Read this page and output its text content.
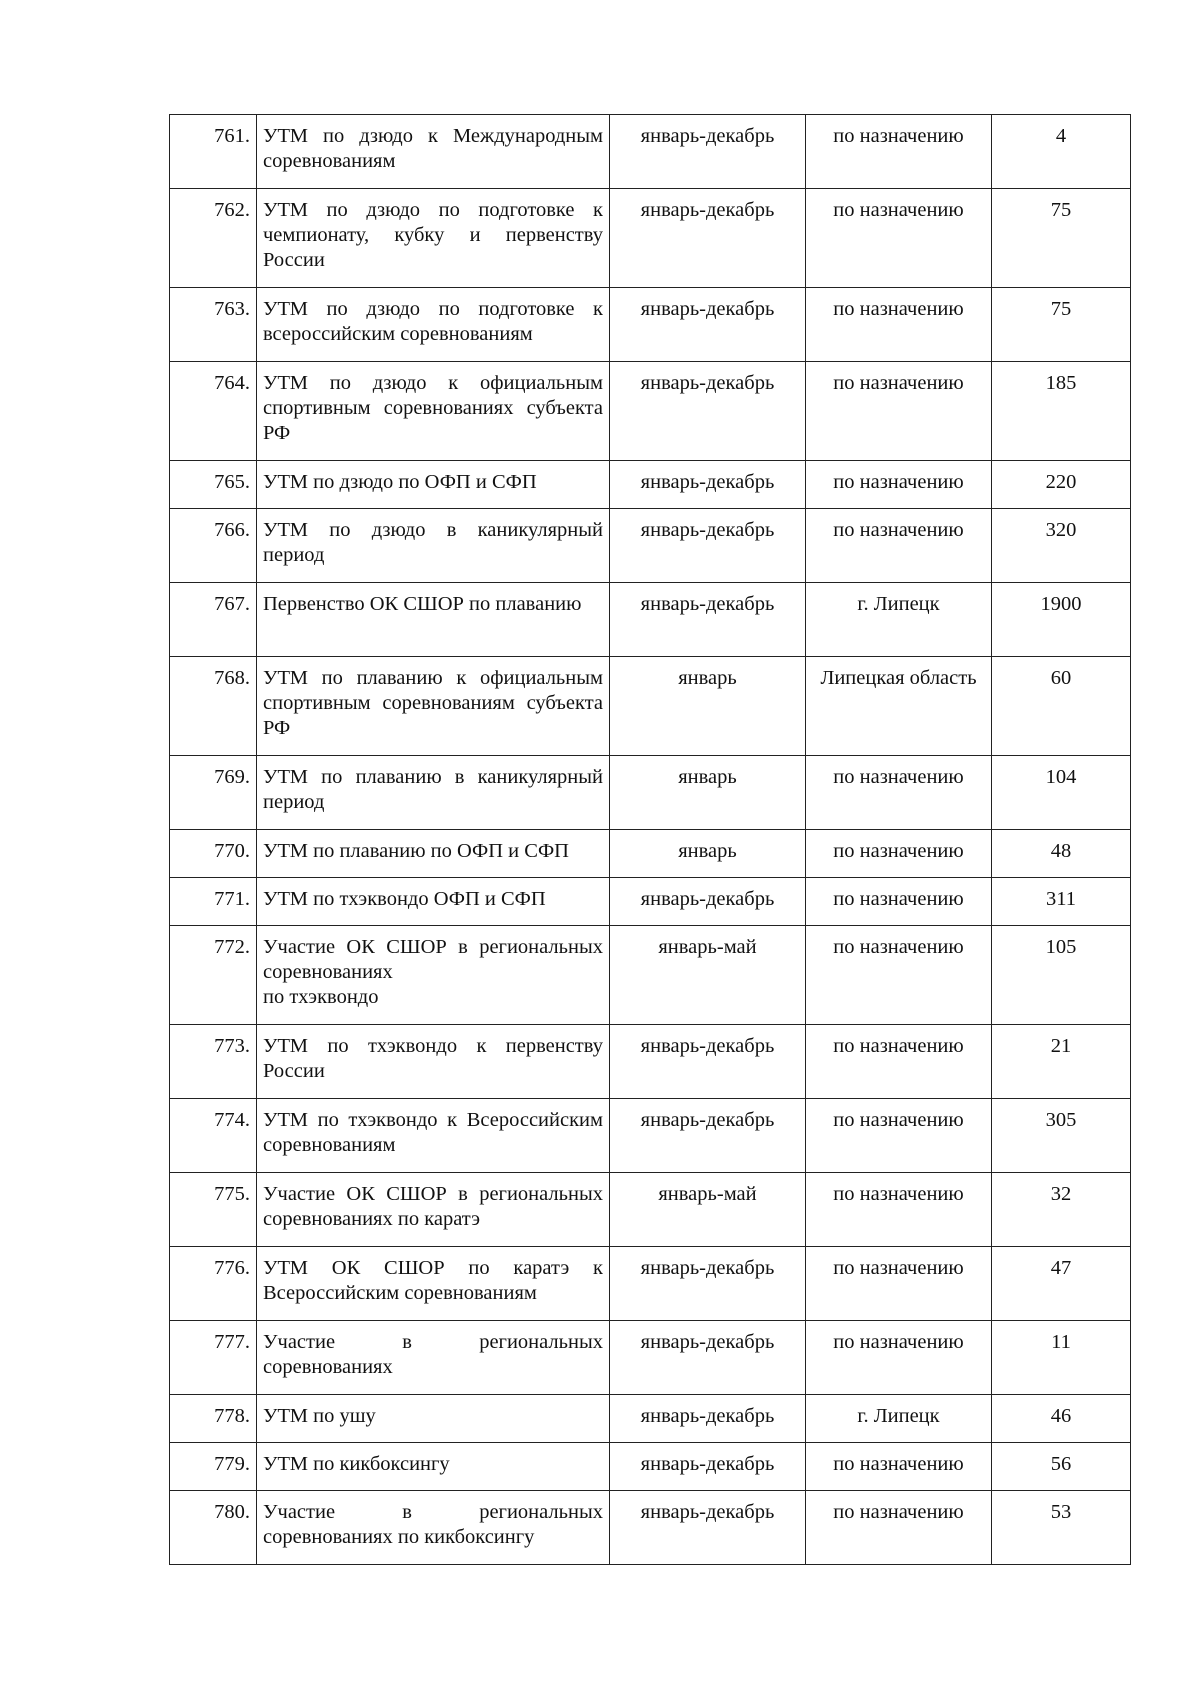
761.	УТМ по дзюдо к Международным соревнованиям	январь-декабрь	по назначению	4
762.	УТМ по дзюдо по подготовке к чемпионату, кубку и первенству России	январь-декабрь	по назначению	75
763.	УТМ по дзюдо по подготовке к всероссийским соревнованиям	январь-декабрь	по назначению	75
764.	УТМ по дзюдо к официальным спортивным соревнованиях субъекта РФ	январь-декабрь	по назначению	185
765.	УТМ по дзюдо по ОФП и СФП	январь-декабрь	по назначению	220
766.	УТМ по дзюдо в каникулярный период	январь-декабрь	по назначению	320
767.	Первенство ОК СШОР по плаванию	январь-декабрь	г. Липецк	1900
768.	УТМ по плаванию к официальным спортивным соревнованиям субъекта РФ	январь	Липецкая область	60
769.	УТМ по плаванию в каникулярный период	январь	по назначению	104
770.	УТМ по плаванию по ОФП и СФП	январь	по назначению	48
771.	УТМ по тхэквондо ОФП и СФП	январь-декабрь	по назначению	311
772.	Участие ОК СШОР в региональных соревнованиях
по тхэквондо	январь-май	по назначению	105
773.	УТМ по тхэквондо к первенству России	январь-декабрь	по назначению	21
774.	УТМ по тхэквондо к Всероссийским соревнованиям	январь-декабрь	по назначению	305
775.	Участие ОК СШОР в региональных соревнованиях по каратэ	январь-май	по назначению	32
776.	УТМ ОК СШОР по каратэ к Всероссийским соревнованиям	январь-декабрь	по назначению	47
777.	Участие в региональных соревнованиях	январь-декабрь	по назначению	11
778.	УТМ по ушу	январь-декабрь	г. Липецк	46
779.	УТМ по кикбоксингу	январь-декабрь	по назначению	56
780.	Участие в региональных соревнованиях по кикбоксингу	январь-декабрь	по назначению	53
